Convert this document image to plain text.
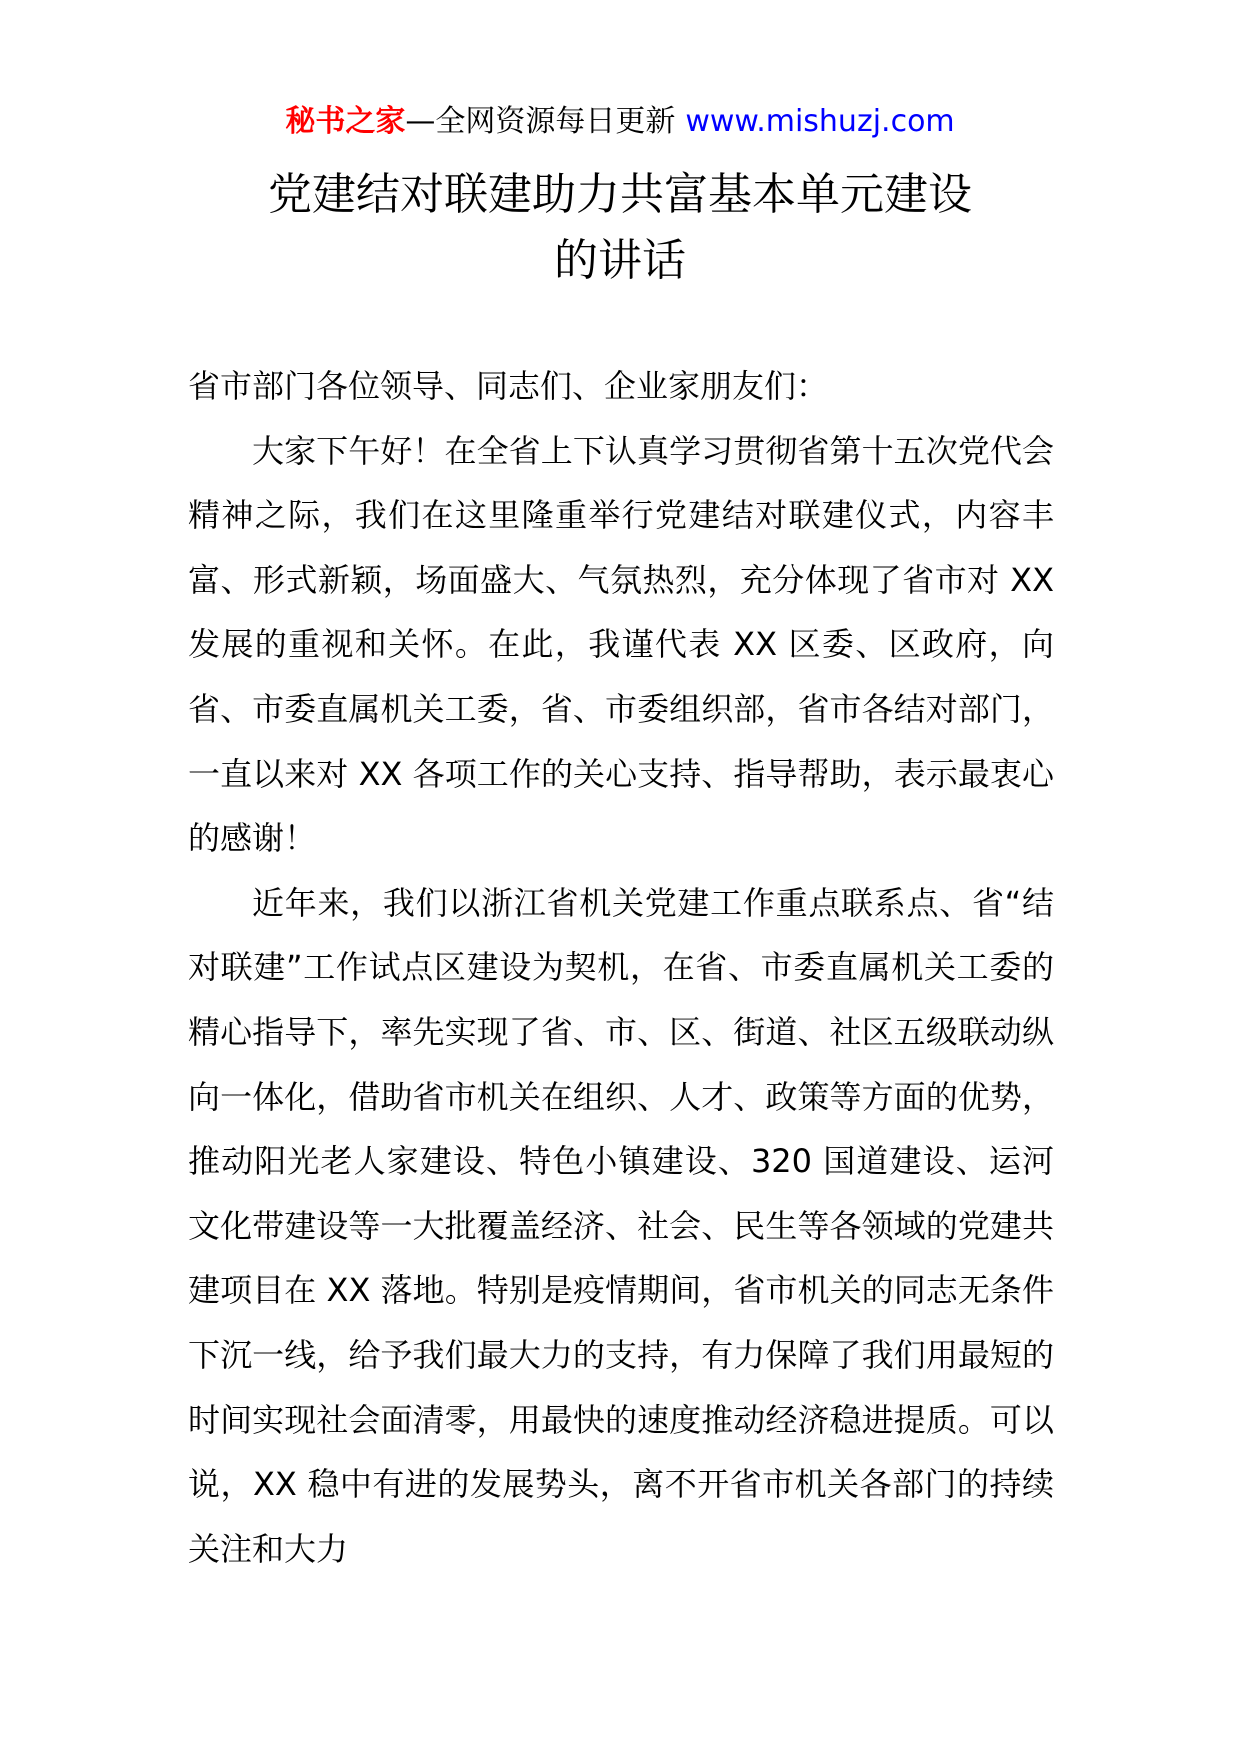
秘书之家—全网资源每日更新 www.mishuzj.com
党建结对联建助力共富基本单元建设
的讲话

省市部门各位领导、同志们、企业家朋友们：

大家下午好！在全省上下认真学习贯彻省第十五次党代会精神之际，我们在这里隆重举行党建结对联建仪式，内容丰富、形式新颖，场面盛大、气氛热烈，充分体现了省市对 XX 发展的重视和关怀。在此，我谨代表 XX 区委、区政府，向省、市委直属机关工委，省、市委组织部，省市各结对部门，一直以来对 XX 各项工作的关心支持、指导帮助，表示最衷心的感谢！

近年来，我们以浙江省机关党建工作重点联系点、省“结对联建”工作试点区建设为契机，在省、市委直属机关工委的精心指导下，率先实现了省、市、区、街道、社区五级联动纵向一体化，借助省市机关在组织、人才、政策等方面的优势，推动阳光老人家建设、特色小镇建设、320 国道建设、运河文化带建设等一大批覆盖经济、社会、民生等各领域的党建共建项目在 XX 落地。特别是疫情期间，省市机关的同志无条件下沉一线，给予我们最大力的支持，有力保障了我们用最短的时间实现社会面清零，用最快的速度推动经济稳进提质。可以说，XX 稳中有进的发展势头，离不开省市机关各部门的持续关注和大力
